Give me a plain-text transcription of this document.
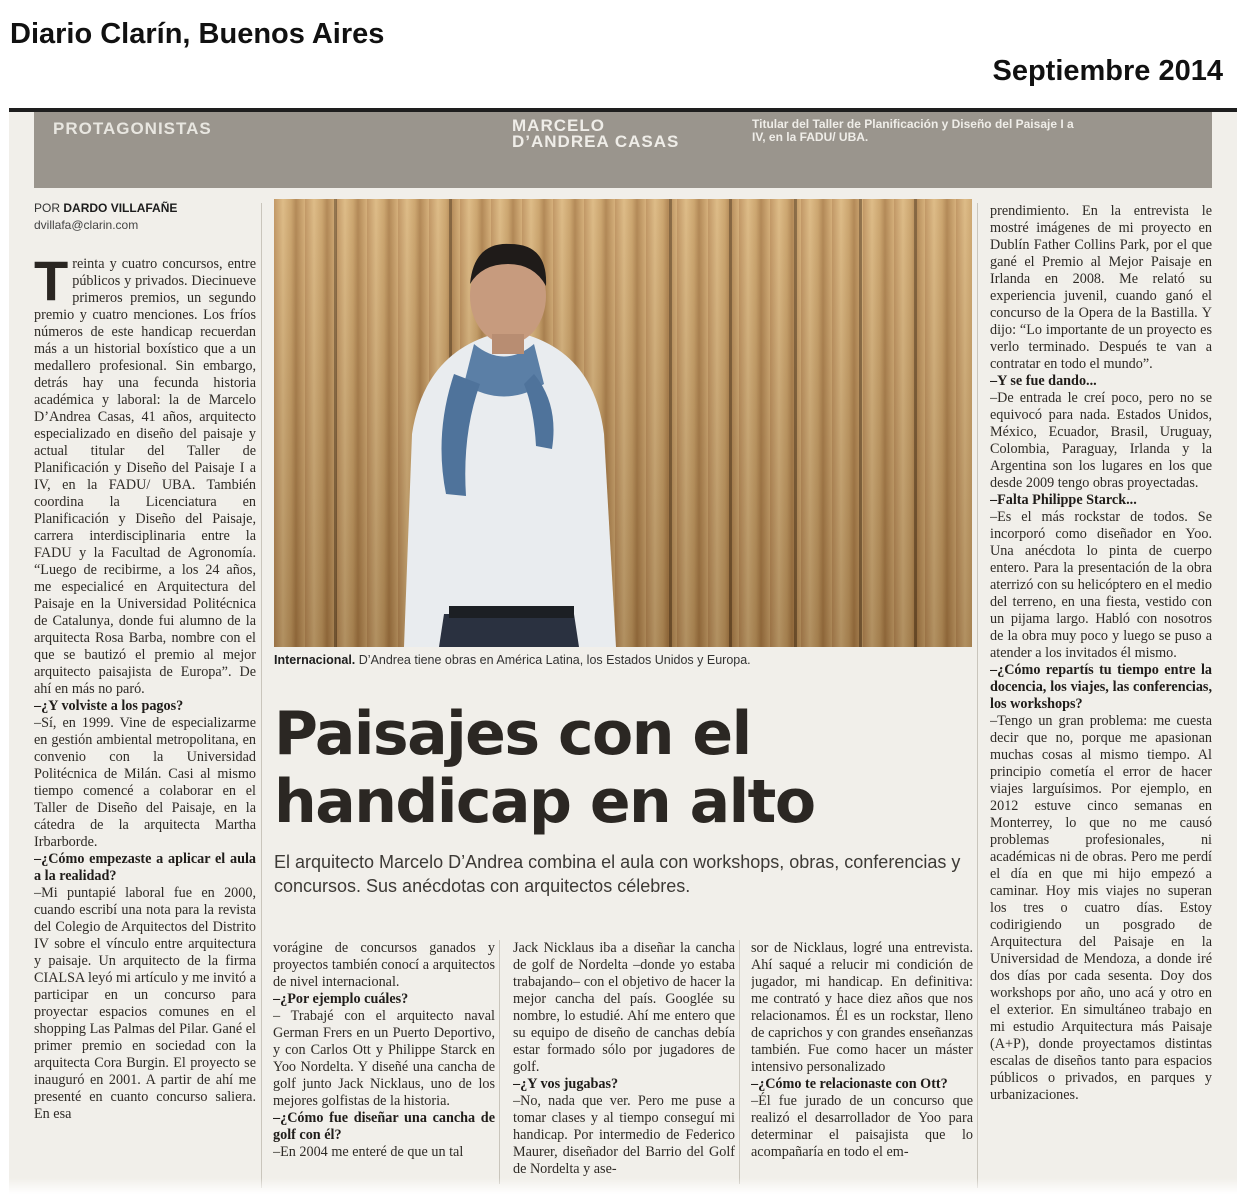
Diario Clarín, Buenos Aires
Septiembre 2014
PROTAGONISTAS	MARCELO D’ANDREA CASAS
Titular del Taller de Planificación y Diseño del Paisaje I a IV, en la FADU/ UBA.
POR DARDO VILLAFAÑE
dvillafa@clarin.com

Treinta y cuatro concursos, entre públicos y privados. Diecinueve primeros premios, un segundo premio y cuatro menciones. Los fríos números de este handicap recuerdan más a un historial boxístico que a un medallero profesional. Sin embargo, detrás hay una fecunda historia académica y laboral: la de Marcelo D’Andrea Casas, 41 años, arquitecto especializado en diseño del paisaje y actual titular del Taller de Planificación y Diseño del Paisaje I a IV, en la FADU/ UBA. También coordina la Licenciatura en Planificación y Diseño del Paisaje, carrera interdisciplinaria entre la FADU y la Facultad de Agronomía. “Luego de recibirme, a los 24 años, me especialicé en Arquitectura del Paisaje en la Universidad Politécnica de Catalunya, donde fui alumno de la arquitecta Rosa Barba, nombre con el que se bautizó el premio al mejor arquitecto paisajista de Europa”. De ahí en más no paró.

–¿Y volviste a los pagos?

–Sí, en 1999. Vine de especializarme en gestión ambiental metropolitana, en convenio con la Universidad Politécnica de Milán. Casi al mismo tiempo comencé a colaborar en el Taller de Diseño del Paisaje, en la cátedra de la arquitecta Martha Irbarborde.

–¿Cómo empezaste a aplicar el aula a la realidad?

–Mi puntapié laboral fue en 2000, cuando escribí una nota para la revista del Colegio de Arquitectos del Distrito IV sobre el vínculo entre arquitectura y paisaje. Un arquitecto de la firma CIALSA leyó mi artículo y me invitó a participar en un concurso para proyectar espacios comunes en el shopping Las Palmas del Pilar. Gané el primer premio en sociedad con la arquitecta Cora Burgin. El proyecto se inauguró en 2001. A partir de ahí me presenté en cuanto concurso saliera. En esa

Internacional. D’Andrea tiene obras en América Latina, los Estados Unidos y Europa.
Paisajes con el
handicap en alto
El arquitecto Marcelo D’Andrea combina el aula con workshops, obras, conferencias y concursos. Sus anécdotas con arquitectos célebres.

vorágine de concursos ganados y proyectos también conocí a arquitectos de nivel internacional.

–¿Por ejemplo cuáles?

– Trabajé con el arquitecto naval German Frers en un Puerto Deportivo, y con Carlos Ott y Philippe Starck en Yoo Nordelta. Y diseñé una cancha de golf junto Jack Nicklaus, uno de los mejores golfistas de la historia.

–¿Cómo fue diseñar una cancha de golf con él?

–En 2004 me enteré de que un tal

Jack Nicklaus iba a diseñar la cancha de golf de Nordelta –donde yo estaba trabajando– con el objetivo de hacer la mejor cancha del país. Googlée su nombre, lo estudié. Ahí me entero que su equipo de diseño de canchas debía estar formado sólo por jugadores de golf.

–¿Y vos jugabas?

–No, nada que ver. Pero me puse a tomar clases y al tiempo conseguí mi handicap. Por intermedio de Federico Maurer, diseñador del Barrio del Golf de Nordelta y ase-

sor de Nicklaus, logré una entrevista. Ahí saqué a relucir mi condición de jugador, mi handicap. En definitiva: me contrató y hace diez años que nos relacionamos. Él es un rockstar, lleno de caprichos y con grandes enseñanzas también. Fue como hacer un máster intensivo personalizado

–¿Cómo te relacionaste con Ott?

–Él fue jurado de un concurso que realizó el desarrollador de Yoo para determinar el paisajista que lo acompañaría en todo el em-

prendimiento. En la entrevista le mostré imágenes de mi proyecto en Dublín Father Collins Park, por el que gané el Premio al Mejor Paisaje en Irlanda en 2008. Me relató su experiencia juvenil, cuando ganó el concurso de la Opera de la Bastilla. Y dijo: “Lo importante de un proyecto es verlo terminado. Después te van a contratar en todo el mundo”.

–Y se fue dando...

–De entrada le creí poco, pero no se equivocó para nada. Estados Unidos, México, Ecuador, Brasil, Uruguay, Colombia, Paraguay, Irlanda y la Argentina son los lugares en los que desde 2009 tengo obras proyectadas.

–Falta Philippe Starck...

–Es el más rockstar de todos. Se incorporó como diseñador en Yoo. Una anécdota lo pinta de cuerpo entero. Para la presentación de la obra aterrizó con su helicóptero en el medio del terreno, en una fiesta, vestido con un pijama largo. Habló con nosotros de la obra muy poco y luego se puso a atender a los invitados él mismo.

–¿Cómo repartís tu tiempo entre la docencia, los viajes, las conferencias, los workshops?

–Tengo un gran problema: me cuesta decir que no, porque me apasionan muchas cosas al mismo tiempo. Al principio cometía el error de hacer viajes larguísimos. Por ejemplo, en 2012 estuve cinco semanas en Monterrey, lo que no me causó problemas profesionales, ni académicas ni de obras. Pero me perdí el día en que mi hijo empezó a caminar. Hoy mis viajes no superan los tres o cuatro días. Estoy codirigiendo un posgrado de Arquitectura del Paisaje en la Universidad de Mendoza, a donde iré dos días por cada sesenta. Doy dos workshops por año, uno acá y otro en el exterior. En simultáneo trabajo en mi estudio Arquitectura más Paisaje (A+P), donde proyectamos distintas escalas de diseños tanto para espacios públicos o privados, en parques y urbanizaciones.
